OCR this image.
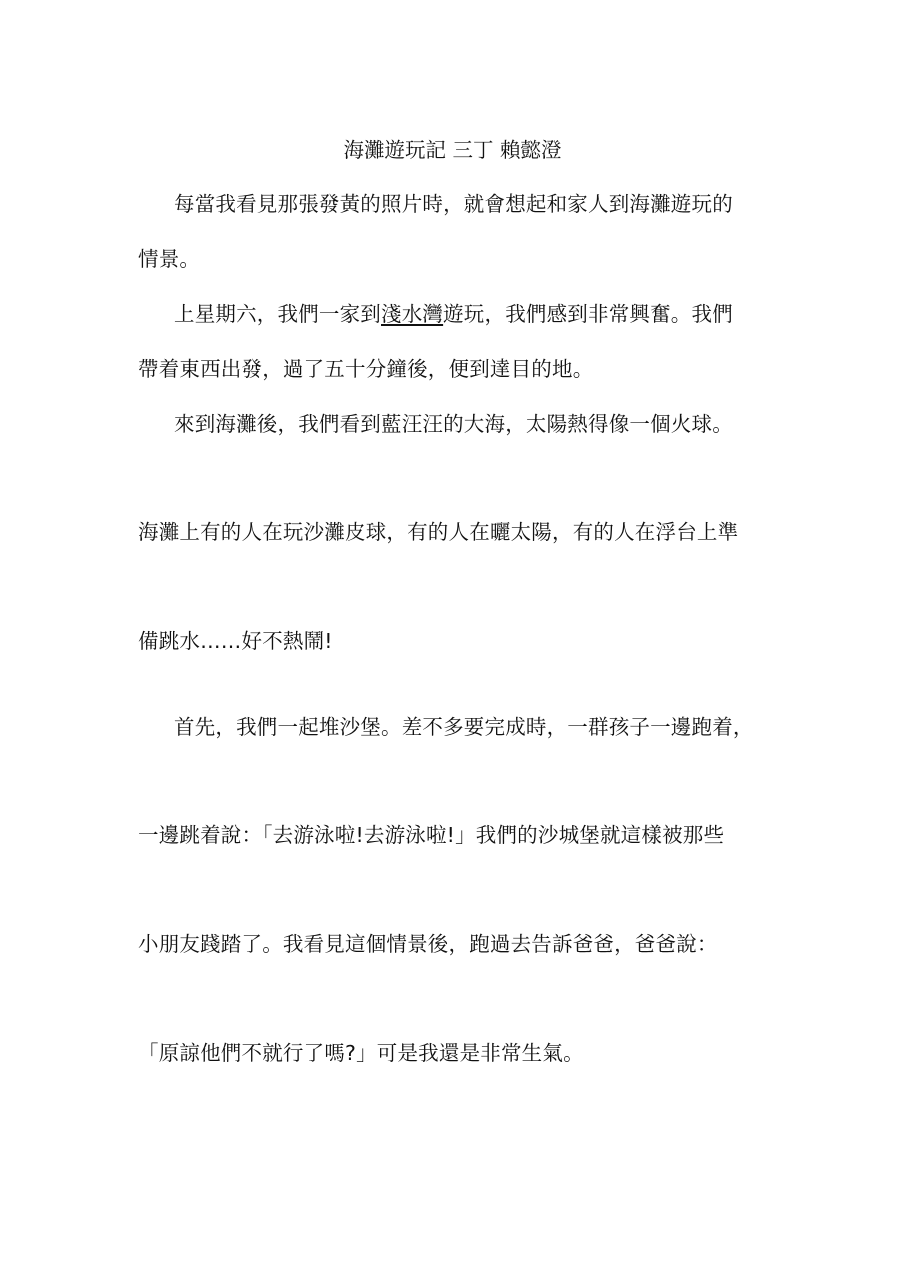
海灘遊玩記 三丁 賴懿澄
每當我看見那張發黃的照片時，就會想起和家人到海灘遊玩的
情景。
上星期六，我們一家到淺水灣遊玩，我們感到非常興奮。我們
帶着東西出發，過了五十分鐘後，便到達目的地。
來到海灘後，我們看到藍汪汪的大海，太陽熱得像一個火球。
海灘上有的人在玩沙灘皮球，有的人在曬太陽，有的人在浮台上準
備跳水……好不熱鬧!
首先，我們一起堆沙堡。差不多要完成時，一群孩子一邊跑着，
一邊跳着說：「去游泳啦!去游泳啦!」我們的沙城堡就這樣被那些
小朋友踐踏了。我看見這個情景後，跑過去告訴爸爸，爸爸說：
「原諒他們不就行了嗎?」可是我還是非常生氣。
